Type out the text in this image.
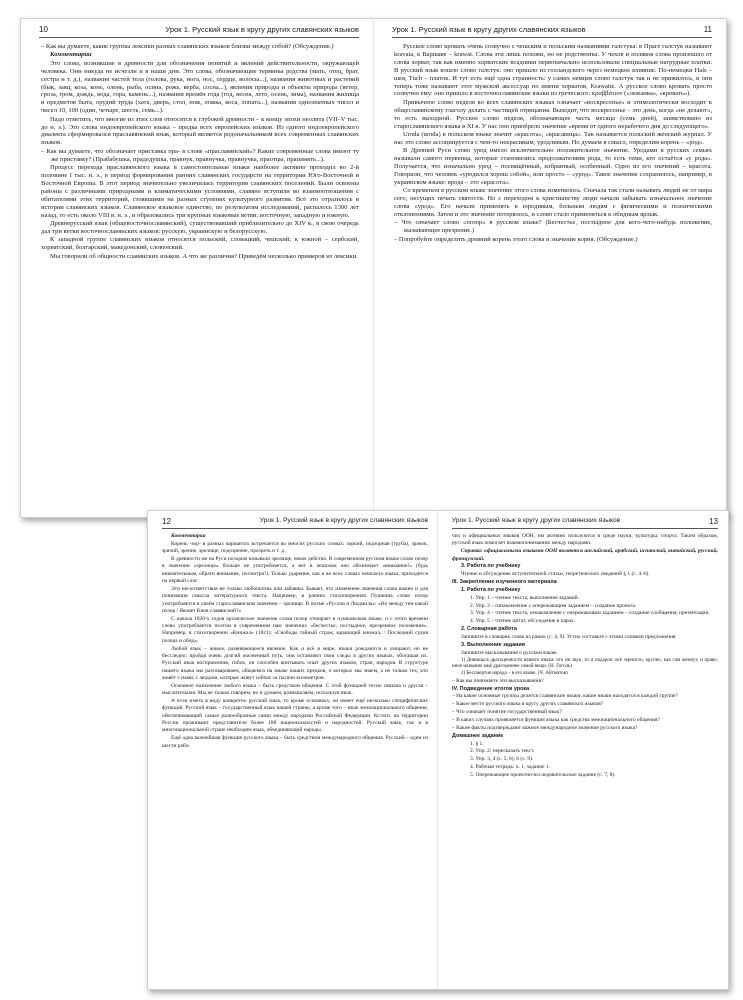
10	Урок 1. Русский язык в кругу других славянских языков

– Как вы думаете, какие группы лексики разных славянских языков близки между собой? (Обсуждение.)

Комментарии

Это слова, возникшие в древности для обозначения понятий и явлений действительности, окружающей человека. Они никуда не исчезли и в наши дни. Это слова, обозначающие термины родства (мать, отец, брат, сестра и т. д.), названия частей тела (голова, рука, нога, нос, сердце, волосы...), названия животных и растений (бык, заяц, коза, конь, олень, рыба, осина, рожь, верба, сосна...), явления природы и объекты природы (ветер, гроза, гром, дождь, вода, гора, камень...), названия времён года (год, весна, лето, осень, зима), названия жилища и предметов быта, орудий труда (хата, дверь, стол, нож, ложка, коса, лопата...), названия однозначных чисел и чисел 10, 100 (один, четыре, шесть, семь...).

Надо отметить, что многие из этих слов относятся к глубокой древности – к концу эпохи неолита (VII–V тыс. до н. э.). Это слова индоевропейского языка – предка всех европейских языков. Из одного индоевропейского диалекта сформировался праславянский язык, который является родоначальником всех современных славянских языков.

– Как вы думаете, что обозначает приставка пра- в слове «праславянский»? Какие современные слова имеют ту же приставку? (Прабабушка, прадедушка, правнук, правнучка, правнучка, праотцы, прапамять...).

Процесс перехода праславянского языка в самостоятельные языки наиболее активно проходил во 2-й половине I тыс. н. э., в период формирования ранних славянских государств на территории Юго-Восточной и Восточной Европы. В этот период значительно увеличилась территория славянских поселений. Были освоены районы с различными природными и климатическими условиями, славяне вступили во взаимоотношения с обитателями этих территорий, стоявшими на разных ступенях культурного развития. Всё это отразилось в истории славянских языков. Славянское языковое единство, по результатам исследований, распалось 1300 лет назад, то есть около VIII в. н. э., и образовались три крупные языковые ветви: восточную, западную и южную.

Древнерусский язык (общевосточнославянский), существовавший приблизительно до XIV в., в свою очередь дал три ветви восточнославянских языков: русскую, украинскую и белорусскую.

К западной группе славянских языков относятся польский, словацкий, чешский; к южной – сербский, хорватский, болгарский, македонский, словенский.

Мы говорили об общности славянских языков. А что же различия? Приведём несколько примеров из лексики.

Урок 1. Русский язык в кругу других славянских языков	11

Русское слово кровать очень созвучно с чешским и польским названиями галстука: в Праге галстук называют kravata, в Варшаве – krawat. Слова эти лишь похожи, но не родственны. У чехов и поляков слова произошло от слова хорват, так как именно хорватские всадники первоначально использовали специальные нагрудные платки. В русский язык вошло слово галстук: оно пришло из голландского через немецкое влияние. По-немецки Hals – шея, Tuch – платок. И тут есть ещё одна странность: у самих немцев слово галстук так и не прижилось, и они теперь тоже называют этот мужской аксессуар по имени хорватов, Krawatte. А русское слово кровать просто созвучно ему: оно пришло в восточнославянские языки из греческого: κραββάτιον («лежанка», «кровать»).

Привычное слово неделя во всех славянских языках означает «воскресенье» и этимологически восходит к общеславянскому глаголу делать с частицей отрицания. Выходит, что воскресенье – это день, когда «не делают», то есть выходной. Русское слово неделя, обозначающее часть месяца (семь дней), заимствовано из старославянского языка в XI в. У нас оно приобрело значение «время от одного нерабочего дня до следующего».

Uroda (uroda) в польском языке значит «красота», «красавица». Так называется польский женский журнал. У нас это слово ассоциируется с чем-то некрасивым, уродливым. Но думаем в смысл, определим корень – «род».

В Древней Руси слово урод имело исключительно положительное значение. Уродами в русских семьях называли самого первенца, которые становились продолжателями рода, то есть теми, кто остаётся «у рода». Получается, что изначально урод – посвящённый, избранный, особенный. Одно из его значений – красота. Говорили, что человек «уродился хорош собой», или просто – «урод». Такое значение сохранилось, например, в украинском языке: врода – это «красота».

Со временем в русском языке значение этого слова изменилось. Сначала так стали называть людей не от мира сего, несущих печать святости. Но с переходом к христианству люди начали забывать изначальное значение слова «урод». Его начали применять к юродивым, больным людям с физическими и психическими отклонениями. Затем и это значение потерялось, и слово стало применяться к обидным ярлык.

– Что означает слово «позор» в русском языке? (Бесчестье, постыдное для кого-чего-нибудь положение, вызывающее презрение.)

– Попробуйте определить древний корень этого слова и значение корня. (Обсуждение.)

12	Урок 1. Русский язык в кругу других славянских языков

Комментарии

Корень -зор- в разных вариантах встречается во многих русских словах: зоркий, подзорная (труба), зрачок, зрячий, зрение, зрелище, подозрение, прозреть и т. д.

В древности же на Руси позором называли зрелище, некое действо. В современном русском языке слово позор в значении «зрелище» больше не употребляется, а вот в чешском оно обозначает «внимание!» (будь внимательным, обрати внимание, посмотри!). Только ударение, как и во всех словах чешского языка, приходится на первый слог.

Эти несоответствия не только любопытны или забавны. Бывает, что изменение значения слова важно и для понимания смысла литературного текста. Например, в ранних стихотворениях Пушкина слово позор употребляется в своём старославянском значении – зрелище. В поэме «Руслан и Людмила»: «Но между тем какой позор / Являет Киев славянский?»

С начала 1820-х годов архаическое значение слова позор отмирает в пушкинском языке, и с этого времени слово употребляется поэтом в современном нам значении: «бесчестье, постыдное, презренное положение». Например, в стихотворении «Кинжал» (1821): «Свободы тайный страж, карающий кинжал, / Последний судия позора и обид».

Любой язык – живое, развивающееся явление. Как и всё в мире, языки рождаются и умирают, но не бесследно: пройдя очень долгий жизненный путь, они оставляют свои следы в других языках, обогащая их. Русский язык восприимчив, гибок, он способен впитывать опыт других языков, стран, народов. В структуре нашего языка мы разговариваем, общаемся на языке наших предков, о которых мы знаем, а не только тех, кто живёт с нами, с людьми, которые живут сейчас за тысячи километров.

Основное назначение любого языка – быть средством общения. С этой функцией тесно связана и другая – мыслительная. Мы не только говорим, но и думаем, размышляем, используя язык.

А если иметь в виду конкретно русский язык, то кроме основных, он имеет ещё несколько специфических функций. Русский язык – государственный язык нашей страны, а кроме того – язык межнационального общения, обеспечивающий самые разнообразные связи между народами Российской Федерации. Кстати, на территории России проживают представители более 180 национальностей и народностей. Русский язык, так и в многонациональной стране необходим язык, объединяющий народы.

Ещё одна важнейшая функция русского языка – быть средством международного общения. Русский – один из шести рабо-

Урок 1. Русский язык в кругу других славянских языков	13

чих и официальных языков ООН, им активно пользуются в среде науки, культуры, спорта. Таким образом, русский язык помогает взаимопониманию между народами.

Справка: официальными языками ООН являются английский, арабский, испанский, китайский, русский, французский.

3. Работа по учебнику

Чтение и обсуждение вступительной статьи, теоретических сведений § 1 (с. 4–6).

III. Закрепление изученного материала

1. Работа по учебнику

1. Упр. 1 – чтение текста, выполнение заданий.

2. Упр. 3 – ознакомление с опережающим заданием – создание проекта.

3. Упр. 4 – чтение текста, ознакомление с опережающим заданием – создание сообщения, презентации.

4. Упр. 5 – чтение цитат, обсуждение в парах.

2. Словарная работа

Запишите в словарик слова из рамок (с. 4, 9). Устно составьте с этими словами предложения.

3. Выполнение задания

Запишите высказывания о русском языке.

1) Дивишься драгоценности нашего языка: что ни звук, то и подарок: всё зернисто, крупно, как сам жемчуг, и право, иное название ещё драгоценнее самой вещи. (Н. Гоголь)

2) Бессмертие народа – в его языке. (Ч. Айтматов)

– Как вы понимаете эти высказывания?

IV. Подведение итогов урока

– На какие основные группы делятся славянские языки, какие языки находятся в каждой группе?

– Какое место русского языка в кругу других славянских языков?

– Что означает понятие государственный язык?

– В каких случаях проявляется функция языка как средства межнационального общения?

– Какие факты подтверждают важное международное значение русского языка?

Домашнее задание

1. § 1.

2. Упр. 2: пересказать текст.

3. Упр. 3, 4 (с. 5, 6), 6 (с. 9).

4. Рабочая тетрадь: ч. 1, задание 1.

5. Опережающее проектно-исследовательское задание (с. 7, 8).
